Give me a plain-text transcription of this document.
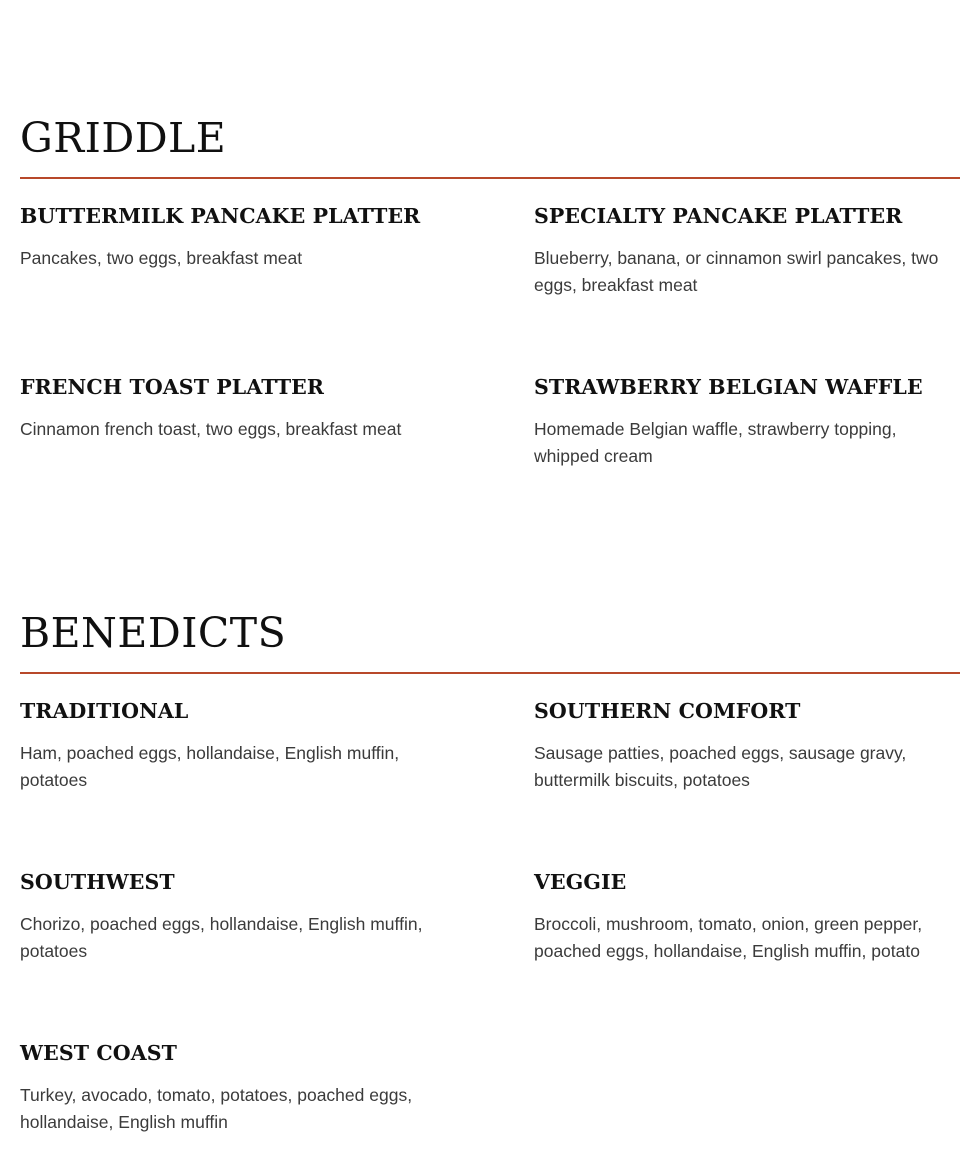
GRIDDLE
BUTTERMILK PANCAKE PLATTER

Pancakes, two eggs, breakfast meat

SPECIALTY PANCAKE PLATTER

Blueberry, banana, or cinnamon swirl pancakes, two eggs, breakfast meat

FRENCH TOAST PLATTER

Cinnamon french toast, two eggs, breakfast meat

STRAWBERRY BELGIAN WAFFLE

Homemade Belgian waffle, strawberry topping, whipped cream

BENEDICTS
TRADITIONAL

Ham, poached eggs, hollandaise, English muffin, potatoes

SOUTHERN COMFORT

Sausage patties, poached eggs, sausage gravy, buttermilk biscuits, potatoes

SOUTHWEST

Chorizo, poached eggs, hollandaise, English muffin, potatoes

VEGGIE

Broccoli, mushroom, tomato, onion, green pepper, poached eggs, hollandaise, English muffin, potato

WEST COAST

Turkey, avocado, tomato, potatoes, poached eggs, hollandaise, English muffin
